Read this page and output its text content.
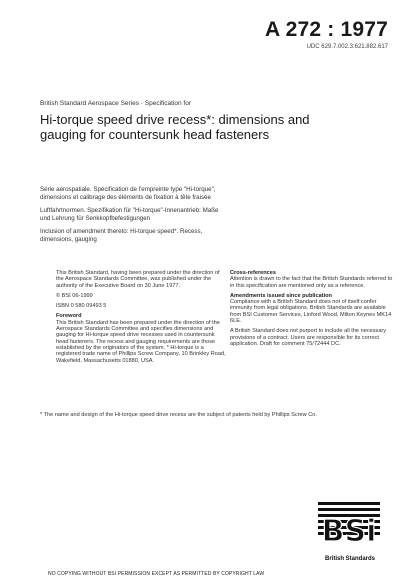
A 272 : 1977
UDC 629.7.002.3:621.882.617
British Standard Aerospace Series · Specification for
Hi-torque speed drive recess*: dimensions and
gauging for countersunk head fasteners
Série aérospatiale. Spécification de l'empreinte type "Hi-torque",
dimensions et calibrage des éléments de fixation à tête fraisée
Luftfahrtnormen. Spezifikation für "Hi-torque"-Innenantrieb: Maße
und Lehrung für Senkkopfbefestigungen
Inclusion of amendment thereto: Hi-torque speed*. Recess,
dimensions, gauging

This British Standard, having been prepared under the direction of the Aerospace Standards Committee, was published under the authority of the Executive Board on 30 June 1977.

© BSI 06-1999

ISBN 0 580 09493 5

Foreword

This British Standard has been prepared under the direction of the Aerospace Standards Committee and specifies dimensions and gauging for Hi-torque speed drive recesses used in countersunk head fasteners. The recess and gauging requirements are those established by the originators of the system. * Hi-torque is a registered trade name of Phillips Screw Company, 10 Brinkley Road, Wakefield, Massachusetts 01880, USA.

Cross-references

Attention is drawn to the fact that the British Standards referred to in this specification are mentioned only as a reference.

Amendments issued since publication

Compliance with a British Standard does not of itself confer immunity from legal obligations. British Standards are available from BSI Customer Services, Linford Wood, Milton Keynes MK14 6LE.

A British Standard does not purport to include all the necessary provisions of a contract. Users are responsible for its correct application. Draft for comment 75/72444 DC.

* The name and design of the Hi-torque speed drive recess are the subject of patents held by Phillips Screw Co.
BSi
British Standards
NO COPYING WITHOUT BSI PERMISSION EXCEPT AS PERMITTED BY COPYRIGHT LAW
